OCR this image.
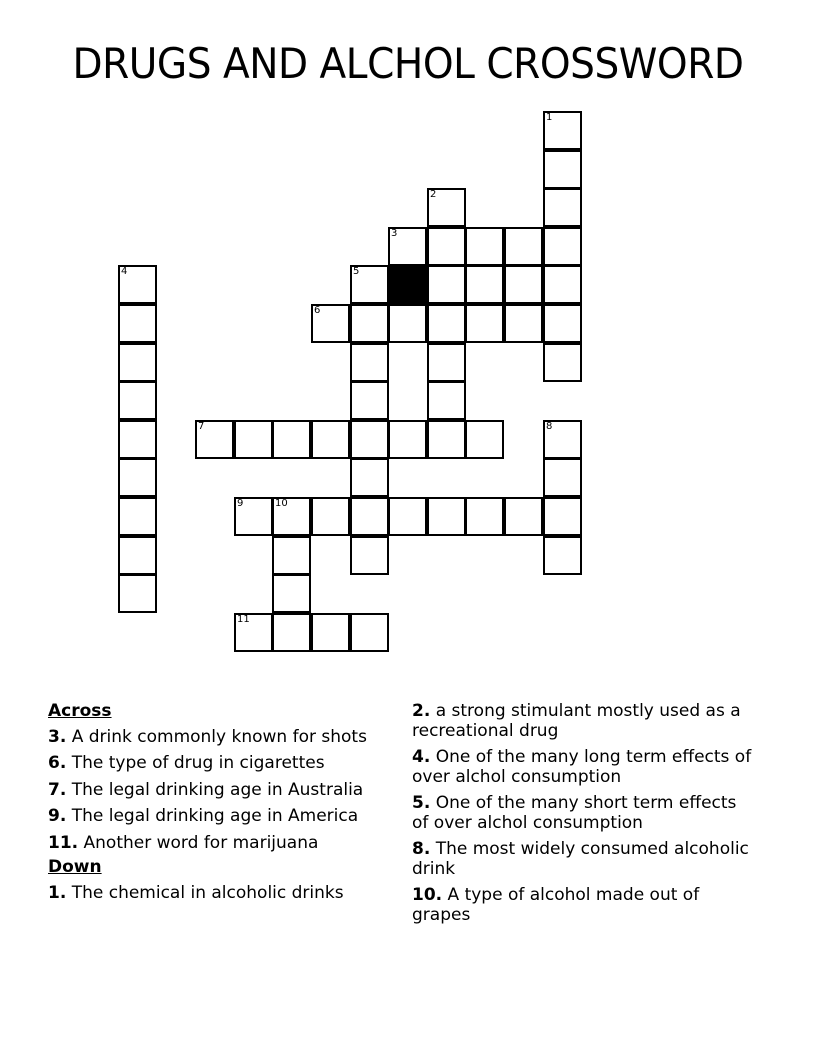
DRUGS AND ALCHOL CROSSWORD
1
2
3
4	5
6
7	8
9	10
11
Across
3. A drink commonly known for shots
6. The type of drug in cigarettes
7. The legal drinking age in Australia
9. The legal drinking age in America
11. Another word for marijuana
Down
1. The chemical in alcoholic drinks
2. a strong stimulant mostly used as a recreational drug
4. One of the many long term effects of over alchol consumption
5. One of the many short term effects of over alchol consumption
8. The most widely consumed alcoholic drink
10. A type of alcohol made out of grapes
